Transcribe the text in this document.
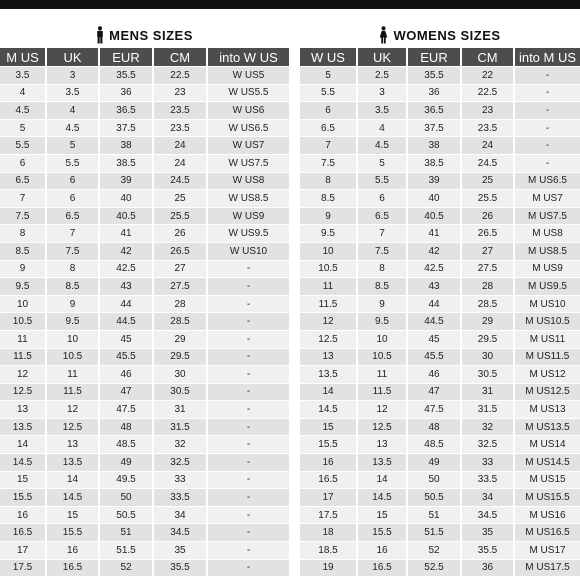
MENS SIZES
M US	UK	EUR	CM	into W US
3.5	3	35.5	22.5	W US5
4	3.5	36	23	W US5.5
4.5	4	36.5	23.5	W US6
5	4.5	37.5	23.5	W US6.5
5.5	5	38	24	W US7
6	5.5	38.5	24	W US7.5
6.5	6	39	24.5	W US8
7	6	40	25	W US8.5
7.5	6.5	40.5	25.5	W US9
8	7	41	26	W US9.5
8.5	7.5	42	26.5	W US10
9	8	42.5	27	-
9.5	8.5	43	27.5	-
10	9	44	28	-
10.5	9.5	44.5	28.5	-
11	10	45	29	-
11.5	10.5	45.5	29.5	-
12	11	46	30	-
12.5	11.5	47	30.5	-
13	12	47.5	31	-
13.5	12.5	48	31.5	-
14	13	48.5	32	-
14.5	13.5	49	32.5	-
15	14	49.5	33	-
15.5	14.5	50	33.5	-
16	15	50.5	34	-
16.5	15.5	51	34.5	-
17	16	51.5	35	-
17.5	16.5	52	35.5	-
WOMENS SIZES
W US	UK	EUR	CM	into M US
5	2.5	35.5	22	-
5.5	3	36	22.5	-
6	3.5	36.5	23	-
6.5	4	37.5	23.5	-
7	4.5	38	24	-
7.5	5	38.5	24.5	-
8	5.5	39	25	M US6.5
8.5	6	40	25.5	M US7
9	6.5	40.5	26	M US7.5
9.5	7	41	26.5	M US8
10	7.5	42	27	M US8.5
10.5	8	42.5	27.5	M US9
11	8.5	43	28	M US9.5
11.5	9	44	28.5	M US10
12	9.5	44.5	29	M US10.5
12.5	10	45	29.5	M US11
13	10.5	45.5	30	M US11.5
13.5	11	46	30.5	M US12
14	11.5	47	31	M US12.5
14.5	12	47.5	31.5	M US13
15	12.5	48	32	M US13.5
15.5	13	48.5	32.5	M US14
16	13.5	49	33	M US14.5
16.5	14	50	33.5	M US15
17	14.5	50.5	34	M US15.5
17.5	15	51	34.5	M US16
18	15.5	51.5	35	M US16.5
18.5	16	52	35.5	M US17
19	16.5	52.5	36	M US17.5
